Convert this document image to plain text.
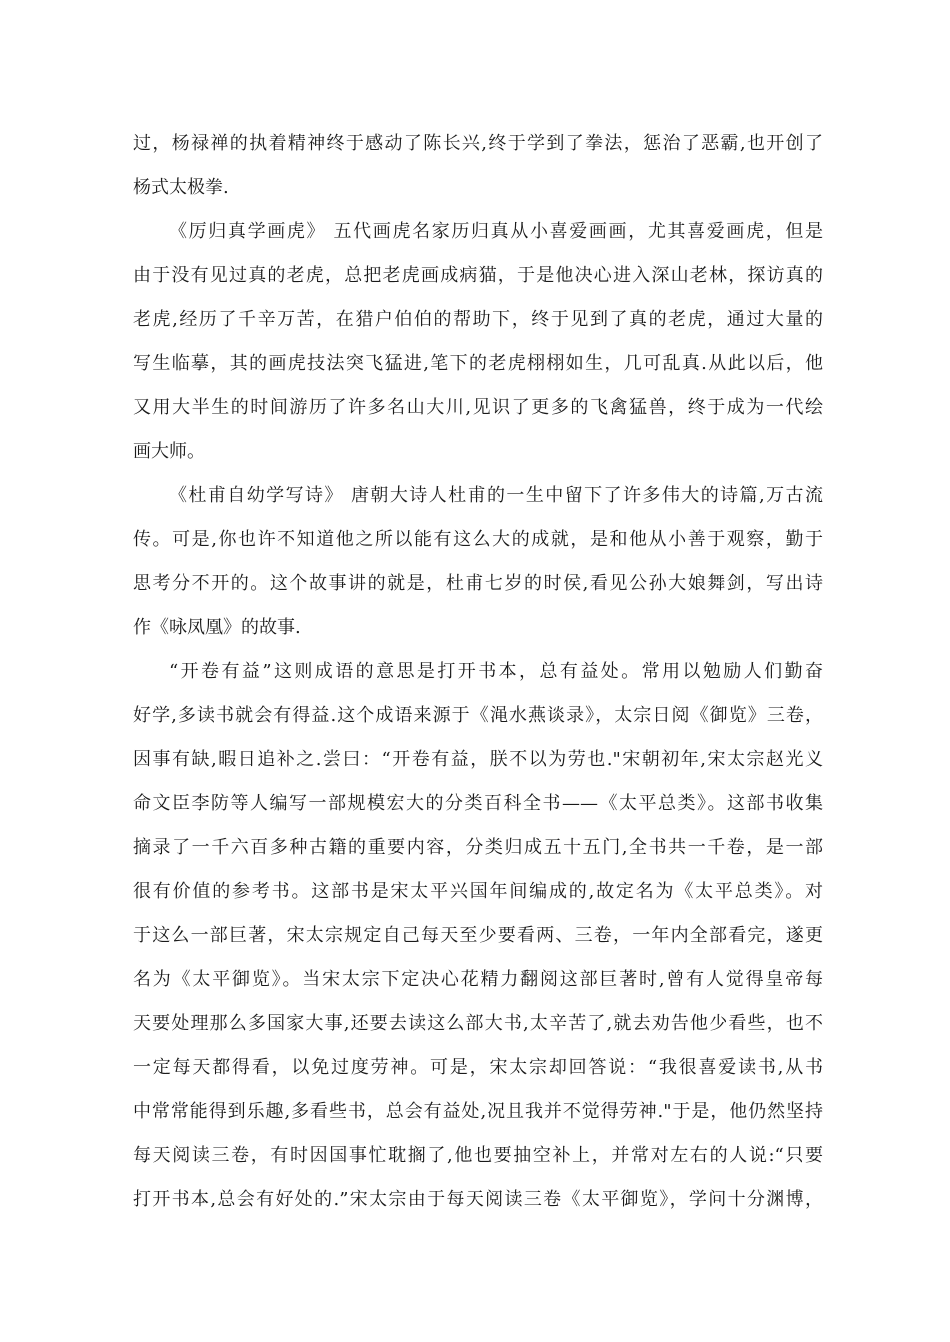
过，杨禄禅的执着精神终于感动了陈长兴,终于学到了拳法，惩治了恶霸,也开创了
杨式太极拳.
《厉归真学画虎》 五代画虎名家历归真从小喜爱画画，尤其喜爱画虎，但是
由于没有见过真的老虎，总把老虎画成病猫，于是他决心进入深山老林，探访真的
老虎,经历了千辛万苦，在猎户伯伯的帮助下，终于见到了真的老虎，通过大量的
写生临摹，其的画虎技法突飞猛进,笔下的老虎栩栩如生，几可乱真.从此以后，他
又用大半生的时间游历了许多名山大川,见识了更多的飞禽猛兽，终于成为一代绘
画大师。
《杜甫自幼学写诗》 唐朝大诗人杜甫的一生中留下了许多伟大的诗篇,万古流
传。可是,你也许不知道他之所以能有这么大的成就，是和他从小善于观察，勤于
思考分不开的。这个故事讲的就是，杜甫七岁的时侯,看见公孙大娘舞剑，写出诗
作《咏凤凰》的故事.
“开卷有益”这则成语的意思是打开书本，总有益处。常用以勉励人们勤奋
好学,多读书就会有得益.这个成语来源于《渑水燕谈录》，太宗日阅《御览》三卷，
因事有缺,暇日追补之.尝曰：“开卷有益，朕不以为劳也."宋朝初年,宋太宗赵光义
命文臣李防等人编写一部规模宏大的分类百科全书——《太平总类》。这部书收集
摘录了一千六百多种古籍的重要内容，分类归成五十五门,全书共一千卷，是一部
很有价值的参考书。这部书是宋太平兴国年间编成的,故定名为《太平总类》。对
于这么一部巨著，宋太宗规定自己每天至少要看两、三卷，一年内全部看完，遂更
名为《太平御览》。当宋太宗下定决心花精力翻阅这部巨著时,曾有人觉得皇帝每
天要处理那么多国家大事,还要去读这么部大书,太辛苦了,就去劝告他少看些，也不
一定每天都得看，以免过度劳神。可是，宋太宗却回答说：“我很喜爱读书,从书
中常常能得到乐趣,多看些书，总会有益处,况且我并不觉得劳神."于是，他仍然坚持
每天阅读三卷，有时因国事忙耽搁了,他也要抽空补上，并常对左右的人说:“只要
打开书本,总会有好处的.”宋太宗由于每天阅读三卷《太平御览》，学问十分渊博，
